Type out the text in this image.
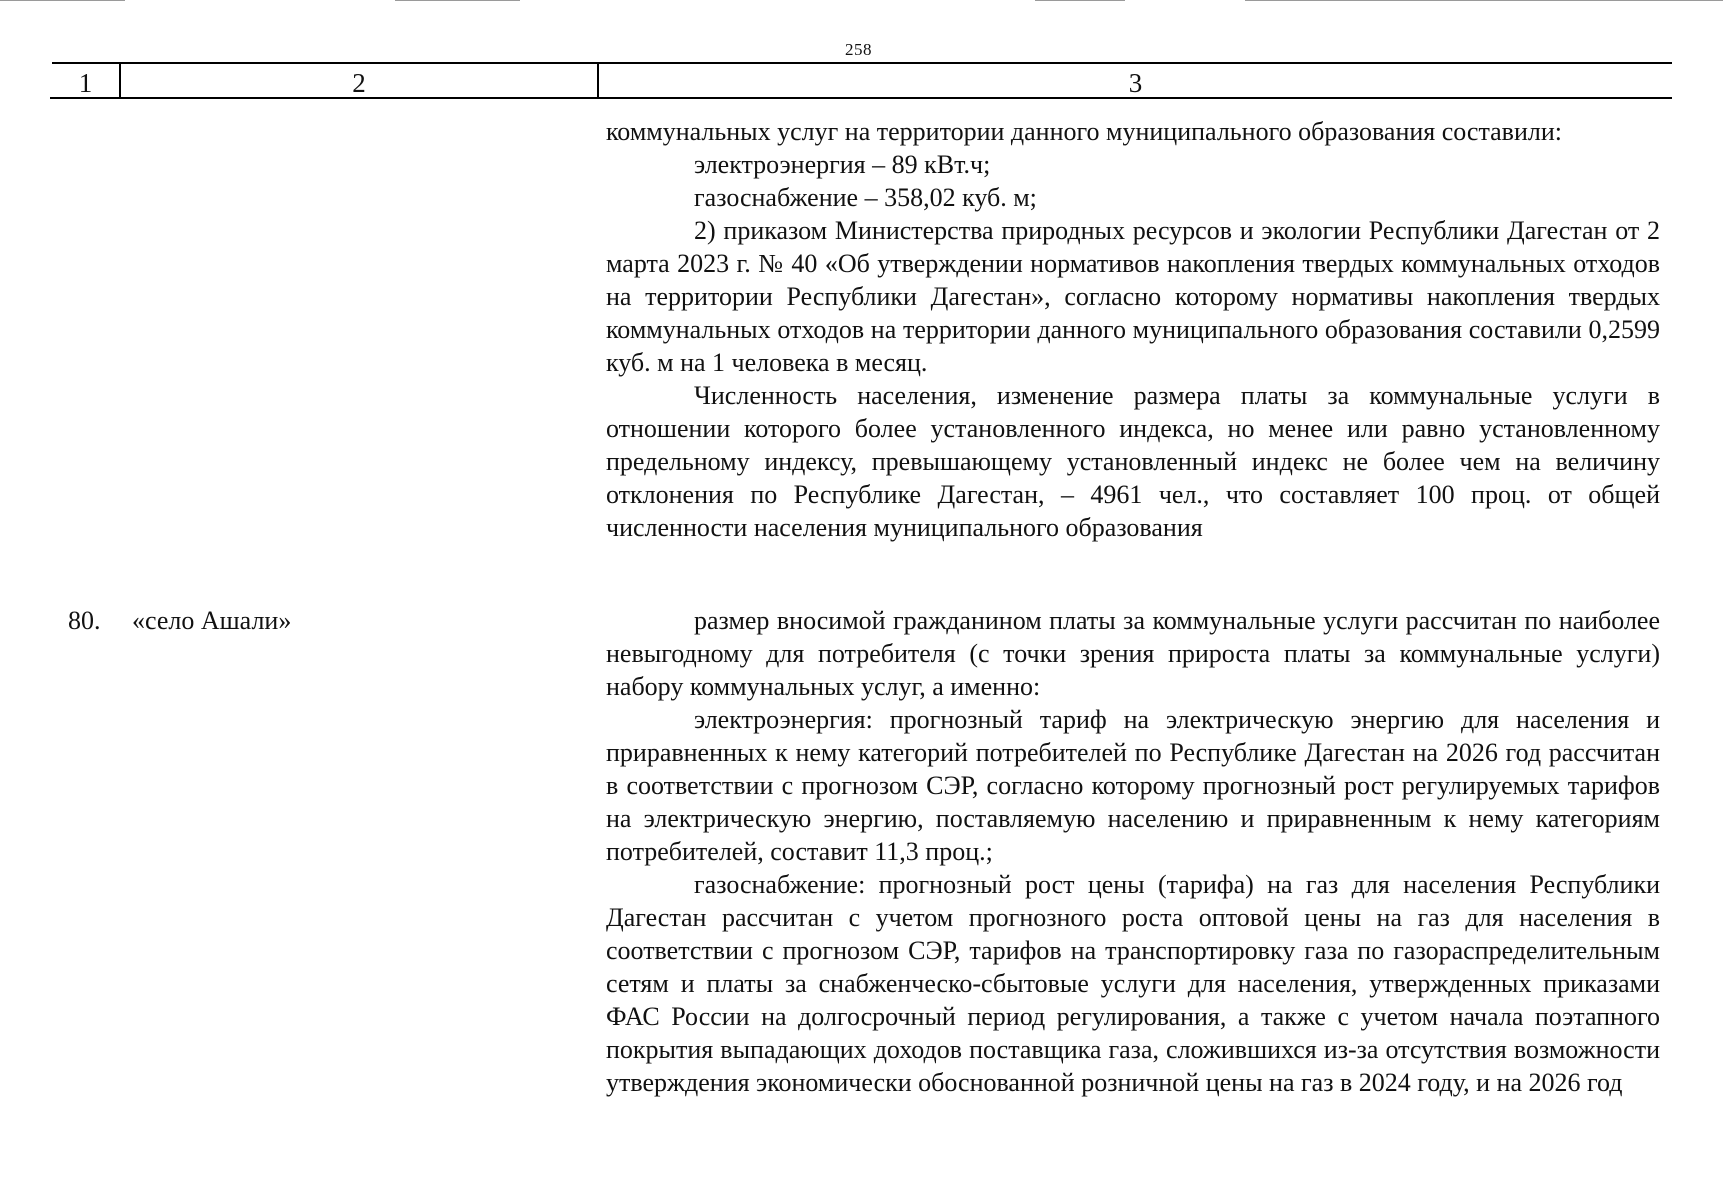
258
1	2	3

коммунальных услуг на территории данного муниципального образования составили:

электроэнергия – 89 кВт.ч;

газоснабжение – 358,02 куб. м;

2) приказом Министерства природных ресурсов и экологии Республики Дагестан от 2 марта 2023 г. № 40 «Об утверждении нормативов накопления твердых коммунальных отходов на территории Республики Дагестан», согласно которому нормативы накопления твердых коммунальных отходов на территории данного муниципального образования составили 0,2599 куб. м на 1 человека в месяц.

Численность населения, изменение размера платы за коммунальные услуги в отношении которого более установленного индекса, но менее или равно установленному предельному индексу, превышающему установленный индекс не более чем на величину отклонения по Республике Дагестан, – 4961 чел., что составляет 100 проц. от общей численности населения муниципального образования

80. «село Ашали»	размер вносимой гражданином платы за коммунальные услуги рассчитан по наиболее невыгодному для потребителя (с точки зрения прироста платы за коммунальные услуги) набору коммунальных услуг, а именно:

электроэнергия: прогнозный тариф на электрическую энергию для населения и приравненных к нему категорий потребителей по Республике Дагестан на 2026 год рассчитан в соответствии с прогнозом СЭР, согласно которому прогнозный рост регулируемых тарифов на электрическую энергию, поставляемую населению и приравненным к нему категориям потребителей, составит 11,3 проц.;

газоснабжение: прогнозный рост цены (тарифа) на газ для населения Республики Дагестан рассчитан с учетом прогнозного роста оптовой цены на газ для населения в соответствии с прогнозом СЭР, тарифов на транспортировку газа по газораспределительным сетям и платы за снабженческо-сбытовые услуги для населения, утвержденных приказами ФАС России на долгосрочный период регулирования, а также с учетом начала поэтапного покрытия выпадающих доходов поставщика газа, сложившихся из-за отсутствия возможности утверждения экономически обоснованной розничной цены на газ в 2024 году, и на 2026 год
